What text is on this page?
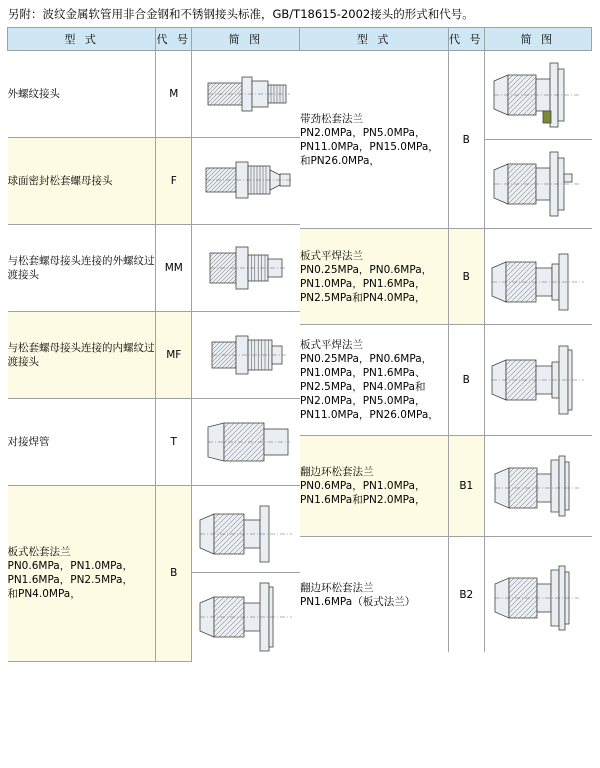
另附：波纹金属软管用非合金钢和不锈钢接头标准，GB/T18615-2002接头的形式和代号。
型 式	代 号	简 图	型 式	代 号	简 图

外螺纹接头	M	

球面密封松套螺母接头	F	

与松套螺母接头连接的外螺纹过渡接头
	MM	

与松套螺母接头连接的内螺纹过渡接头
	MF	

对接焊管	T	

板式松套法兰
PN0.6MPa，PN1.0MPa，
PN1.6MPa，PN2.5MPa，
和PN4.0MPa，
	B	

带劲松套法兰
PN2.0MPa，PN5.0MPa，
PN11.0MPa，PN15.0MPa，
和PN26.0MPa，
	B	

板式平焊法兰
PN0.25MPa，PN0.6MPa，
PN1.0MPa，PN1.6MPa，
PN2.5MPa和PN4.0MPa，
	B	

板式平焊法兰
PN0.25MPa，PN0.6MPa，
PN1.0MPa，PN1.6MPa、
PN2.5MPa，PN4.0MPa和
PN2.0MPa，PN5.0MPa，
PN11.0MPa，PN26.0MPa，
	B	

翻边环松套法兰
PN0.6MPa，PN1.0MPa，
PN1.6MPa和PN2.0MPa，
	B1	

翻边环松套法兰
PN1.6MPa（板式法兰）
	B2	
